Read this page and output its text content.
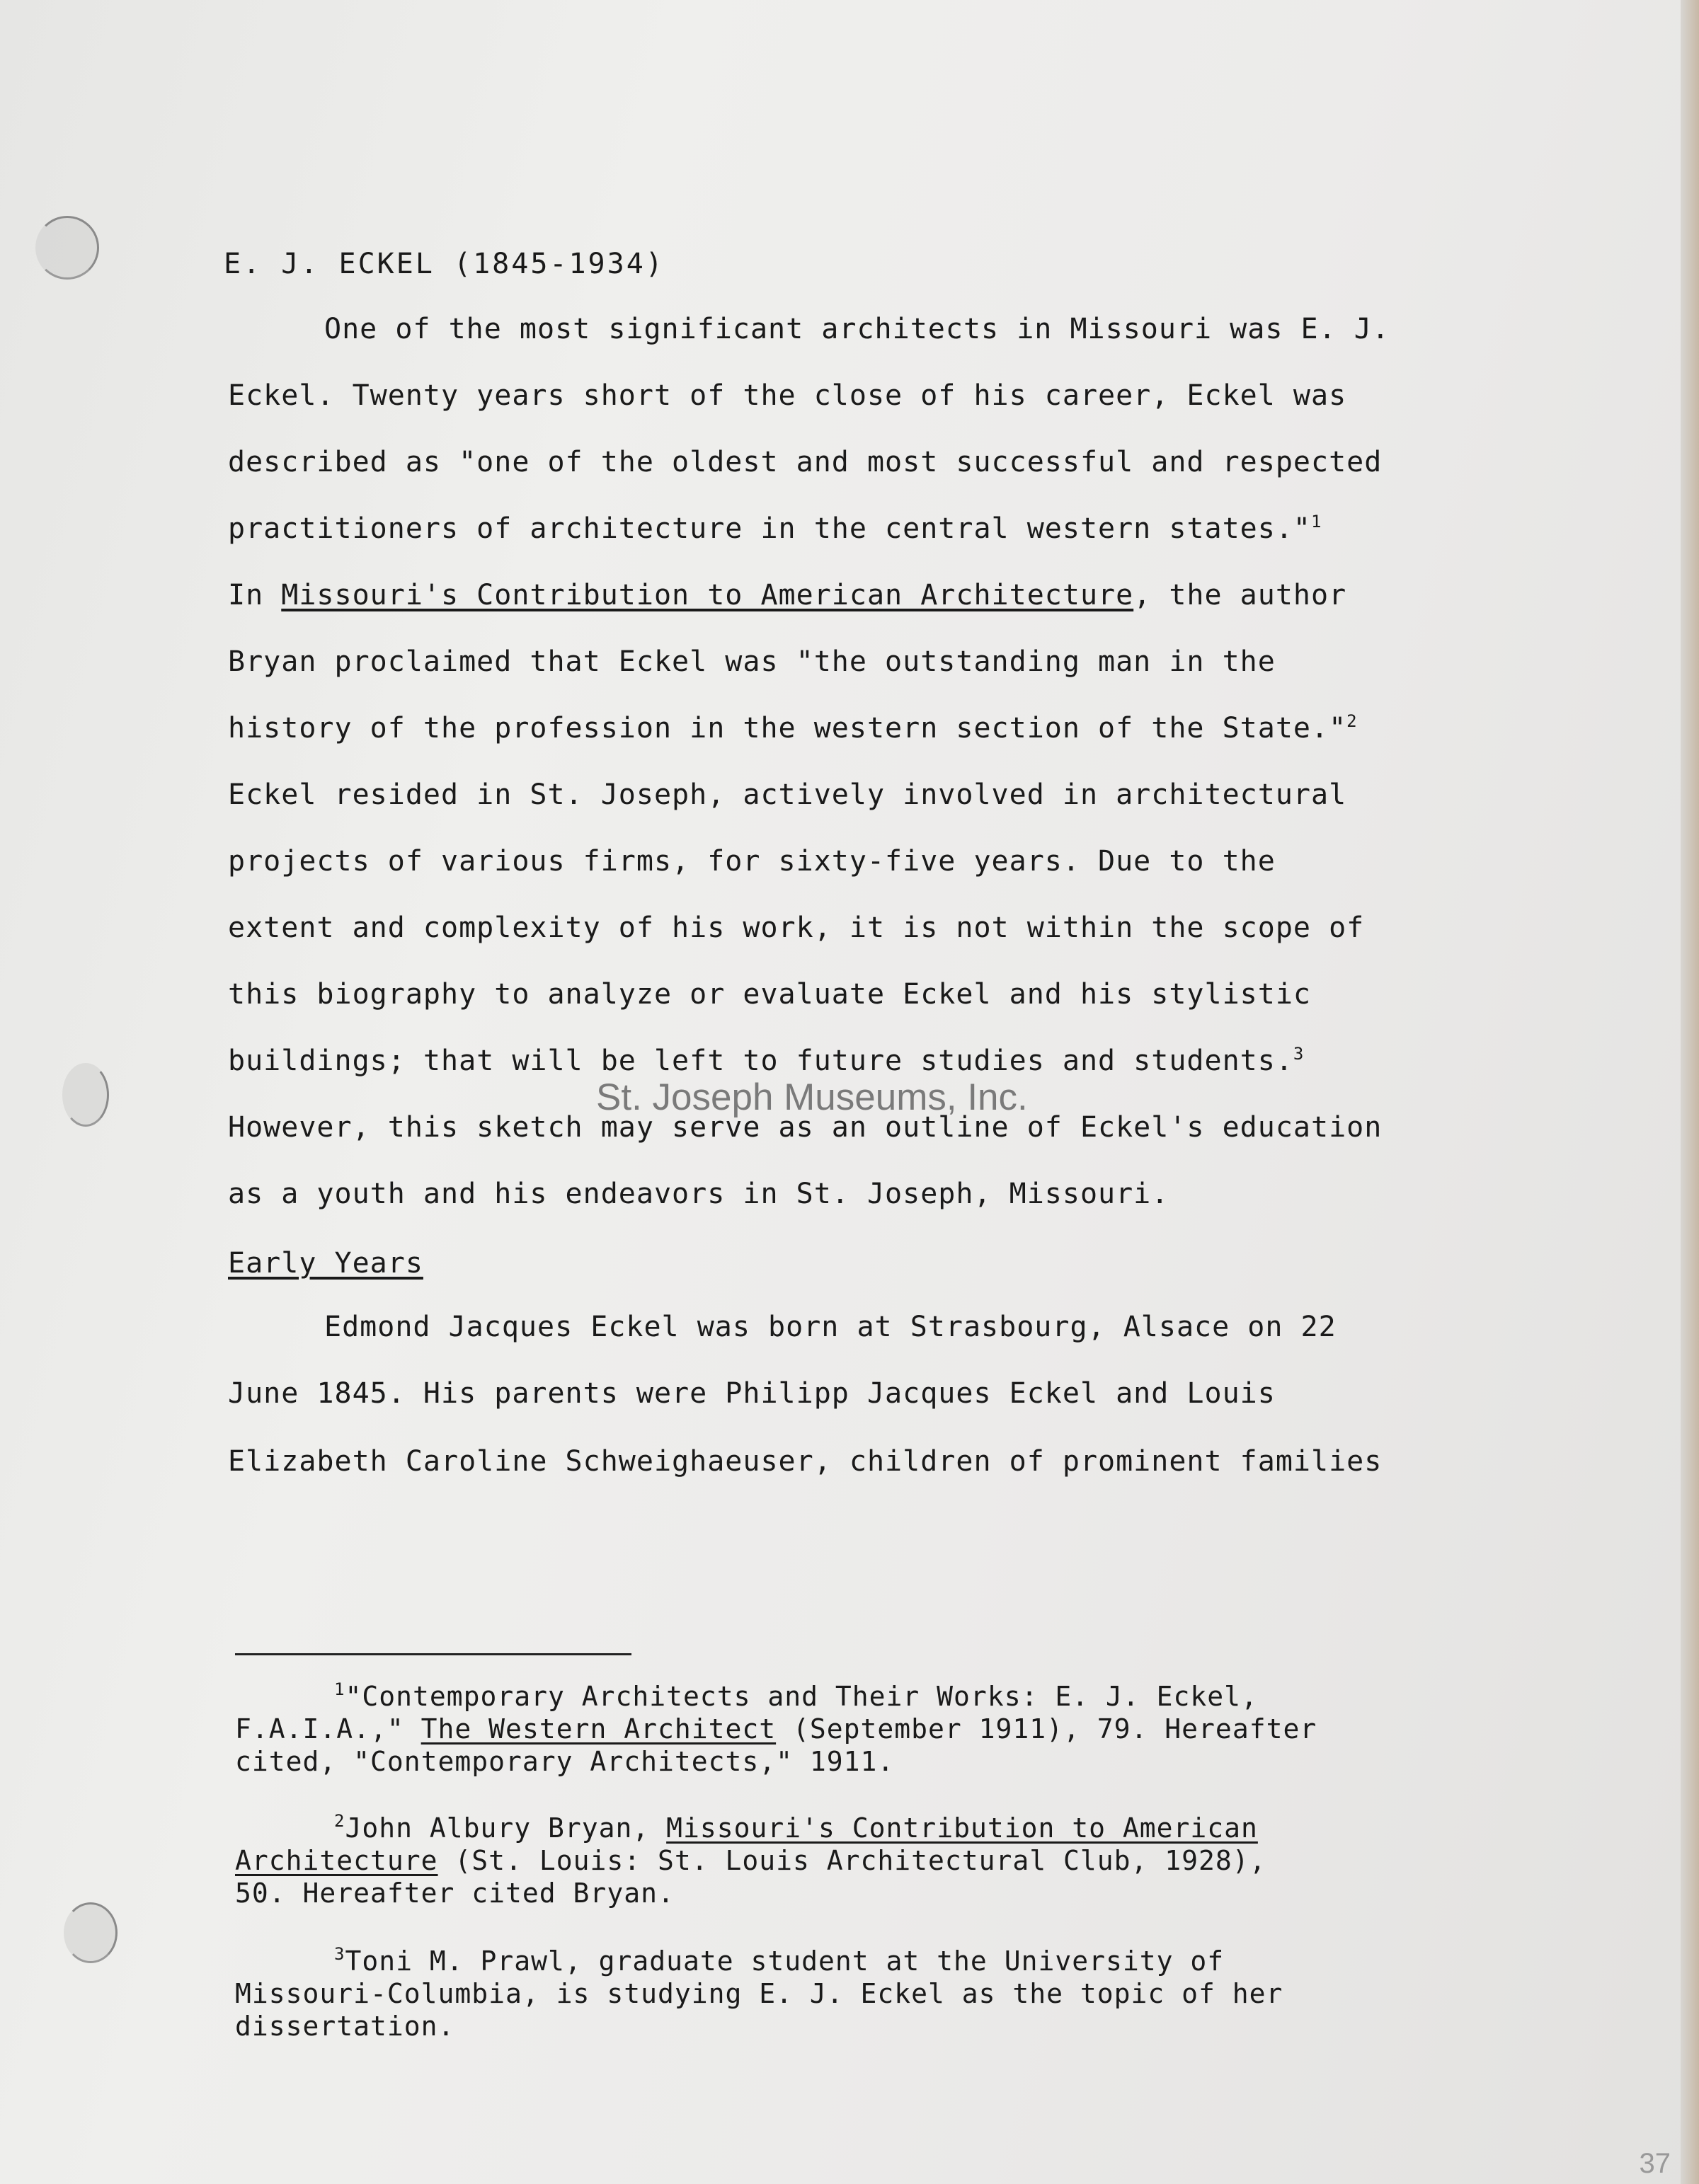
E. J. ECKEL (1845-1934)
One of the most significant architects in Missouri was E. J.
Eckel. Twenty years short of the close of his career, Eckel was
described as "one of the oldest and most successful and respected
practitioners of architecture in the central western states."$^1$
In Missouri's Contribution to American Architecture, the author
Bryan proclaimed that Eckel was "the outstanding man in the
history of the profession in the western section of the State."$^2$
Eckel resided in St. Joseph, actively involved in architectural
projects of various firms, for sixty-five years. Due to the
extent and complexity of his work, it is not within the scope of
this biography to analyze or evaluate Eckel and his stylistic
buildings; that will be left to future studies and students.$^3$
However, this sketch may serve as an outline of Eckel's education
as a youth and his endeavors in St. Joseph, Missouri.
St. Joseph Museums, Inc.
Early Years
Edmond Jacques Eckel was born at Strasbourg, Alsace on 22
June 1845. His parents were Philipp Jacques Eckel and Louis
Elizabeth Caroline Schweighaeuser, children of prominent families
$^1$"Contemporary Architects and Their Works: E. J. Eckel,
F.A.I.A.," The Western Architect (September 1911), 79. Hereafter
cited, "Contemporary Architects," 1911.
$^2$John Albury Bryan, Missouri's Contribution to American
Architecture (St. Louis: St. Louis Architectural Club, 1928),
50. Hereafter cited Bryan.
$^3$Toni M. Prawl, graduate student at the University of
Missouri-Columbia, is studying E. J. Eckel as the topic of her
dissertation.
37
